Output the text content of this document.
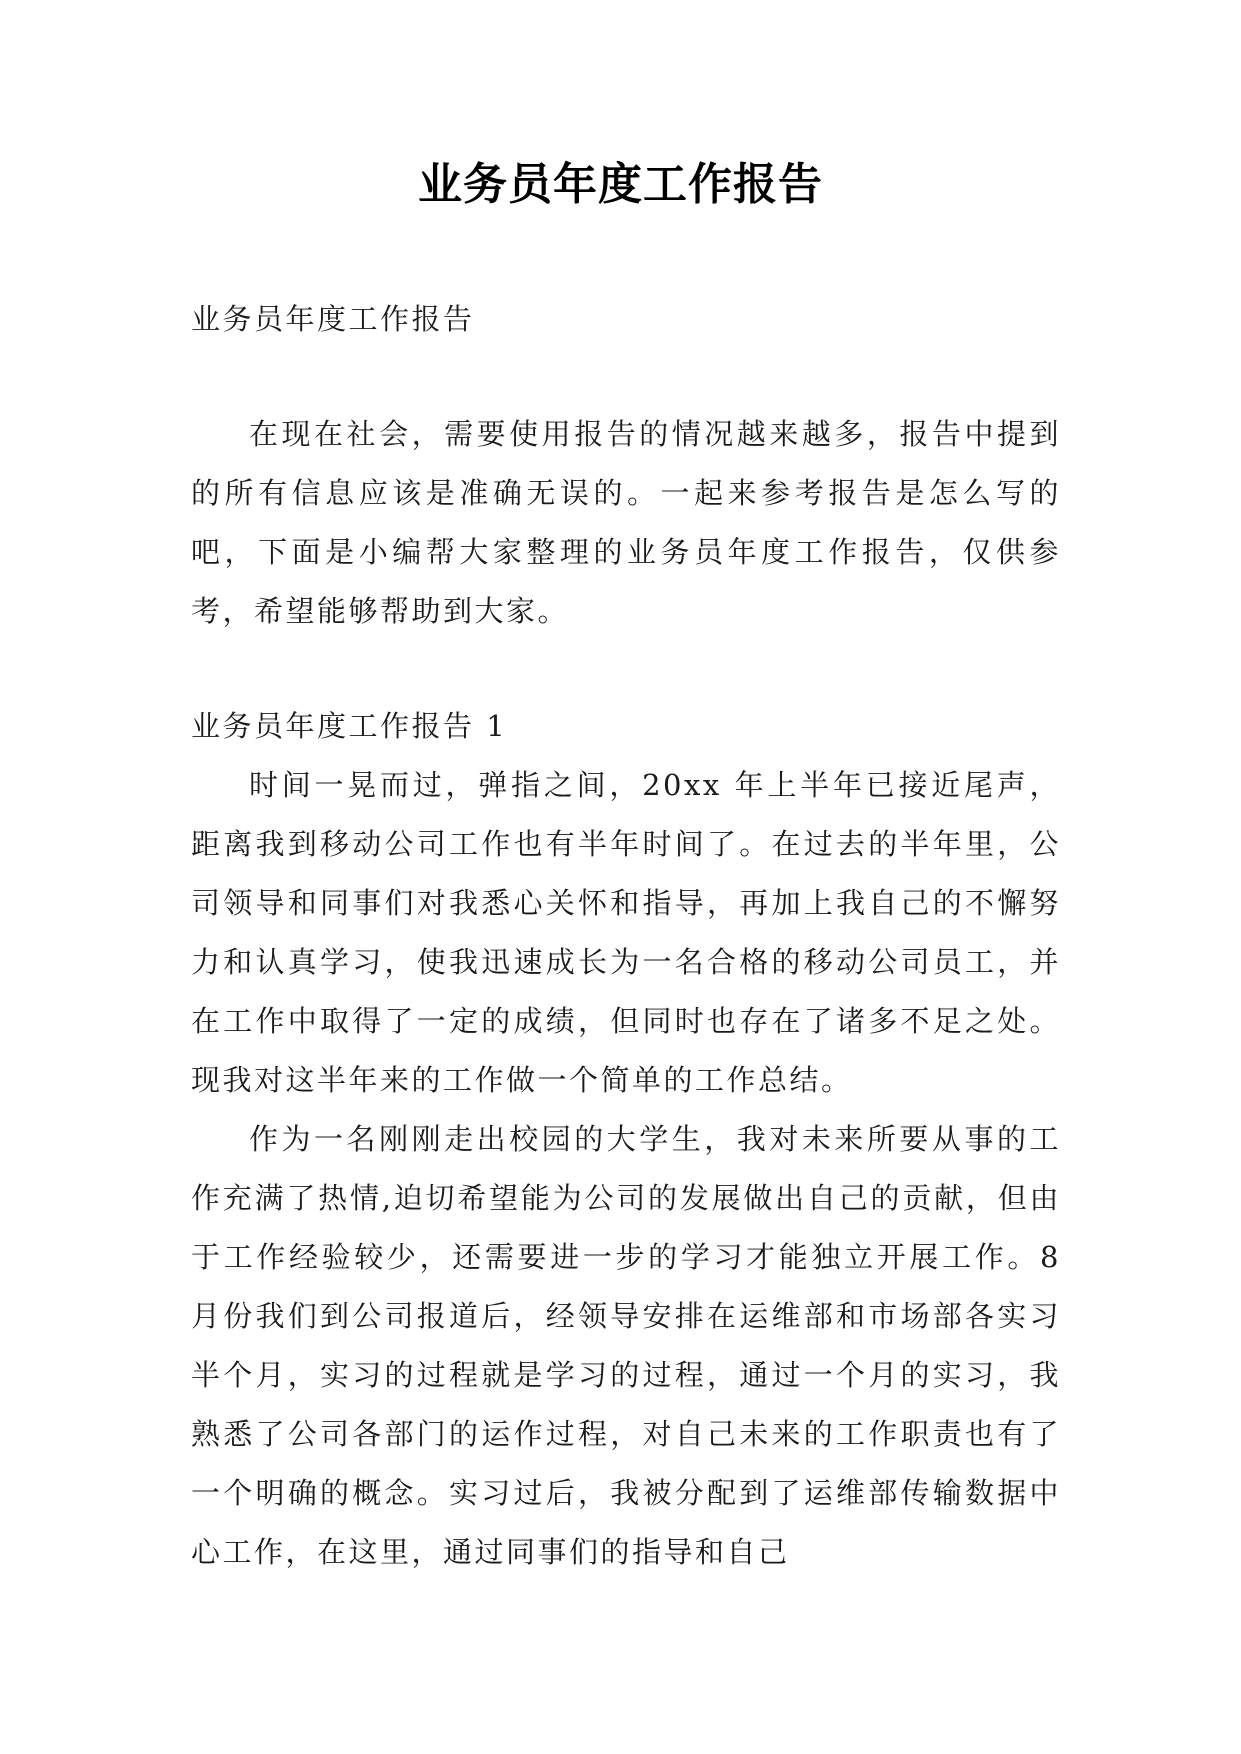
业务员年度工作报告

业务员年度工作报告

在现在社会，需要使用报告的情况越来越多，报告中提到的所有信息应该是准确无误的。一起来参考报告是怎么写的吧，下面是小编帮大家整理的业务员年度工作报告，仅供参考，希望能够帮助到大家。

业务员年度工作报告 1

时间一晃而过，弹指之间，20xx 年上半年已接近尾声，距离我到移动公司工作也有半年时间了。在过去的半年里，公司领导和同事们对我悉心关怀和指导，再加上我自己的不懈努力和认真学习，使我迅速成长为一名合格的移动公司员工，并在工作中取得了一定的成绩，但同时也存在了诸多不足之处。现我对这半年来的工作做一个简单的工作总结。

作为一名刚刚走出校园的大学生，我对未来所要从事的工作充满了热情,迫切希望能为公司的发展做出自己的贡献，但由于工作经验较少，还需要进一步的学习才能独立开展工作。8 月份我们到公司报道后，经领导安排在运维部和市场部各实习半个月，实习的过程就是学习的过程，通过一个月的实习，我熟悉了公司各部门的运作过程，对自己未来的工作职责也有了一个明确的概念。实习过后，我被分配到了运维部传输数据中心工作，在这里，通过同事们的指导和自己
